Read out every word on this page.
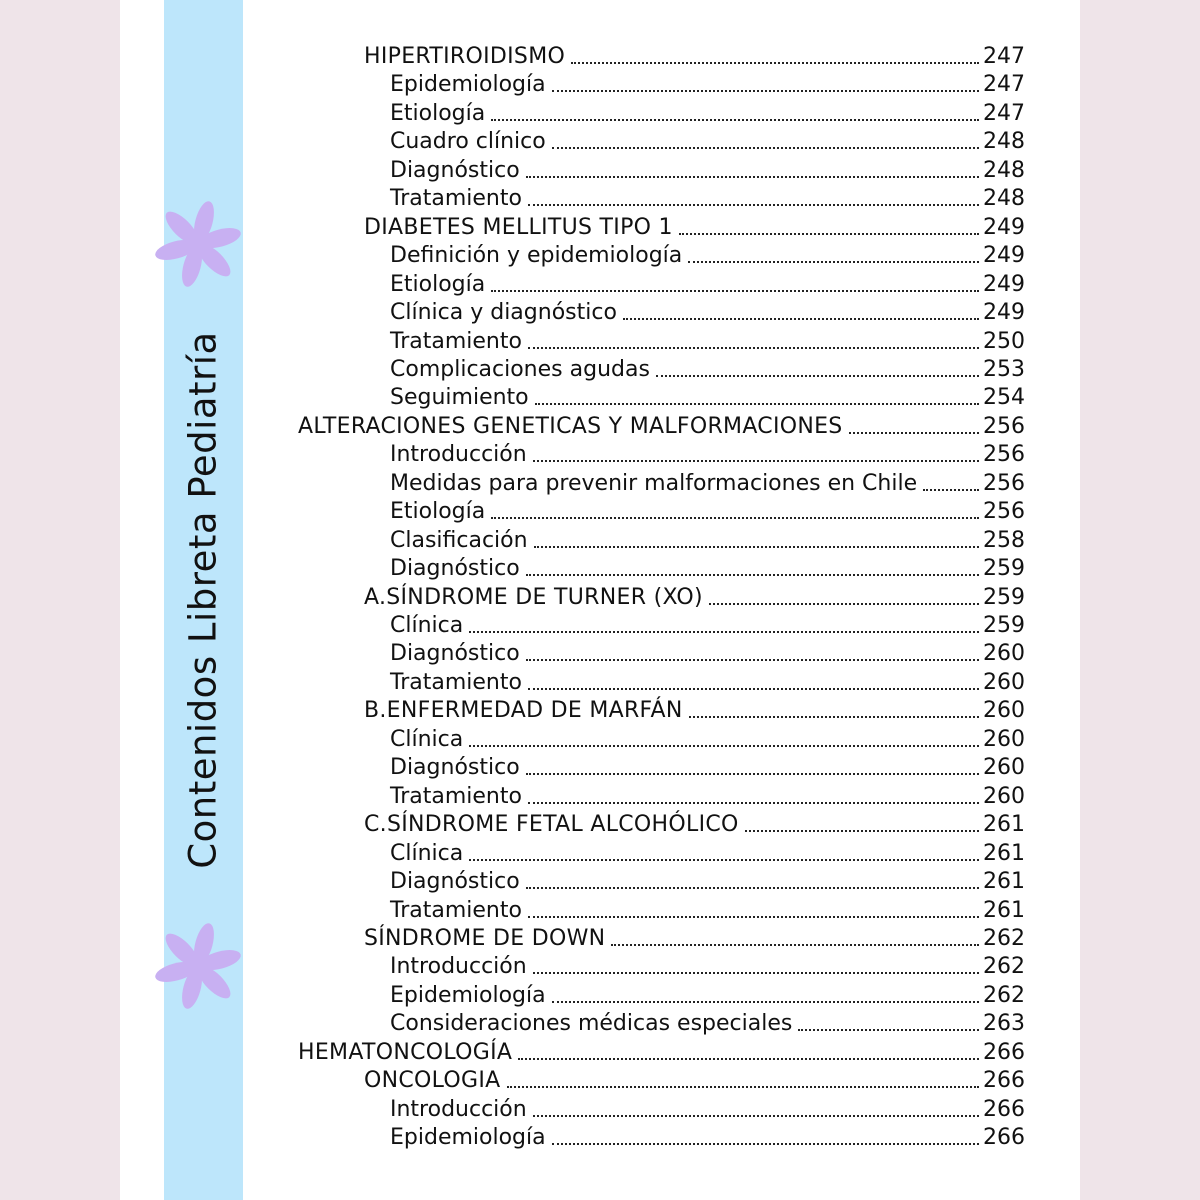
Contenidos Libreta Pediatría
HIPERTIROIDISMO	247
Epidemiología	247
Etiología	247
Cuadro clínico	248
Diagnóstico	248
Tratamiento	248
DIABETES MELLITUS TIPO 1	249
Definición y epidemiología	249
Etiología	249
Clínica y diagnóstico	249
Tratamiento	250
Complicaciones agudas	253
Seguimiento	254
ALTERACIONES GENETICAS Y MALFORMACIONES	256
Introducción	256
Medidas para prevenir malformaciones en Chile	256
Etiología	256
Clasificación	258
Diagnóstico	259
A.SÍNDROME DE TURNER (XO)	259
Clínica	259
Diagnóstico	260
Tratamiento	260
B.ENFERMEDAD DE MARFÁN	260
Clínica	260
Diagnóstico	260
Tratamiento	260
C.SÍNDROME FETAL ALCOHÓLICO	261
Clínica	261
Diagnóstico	261
Tratamiento	261
SÍNDROME DE DOWN	262
Introducción	262
Epidemiología	262
Consideraciones médicas especiales	263
HEMATONCOLOGÍA	266
ONCOLOGIA	266
Introducción	266
Epidemiología	266
